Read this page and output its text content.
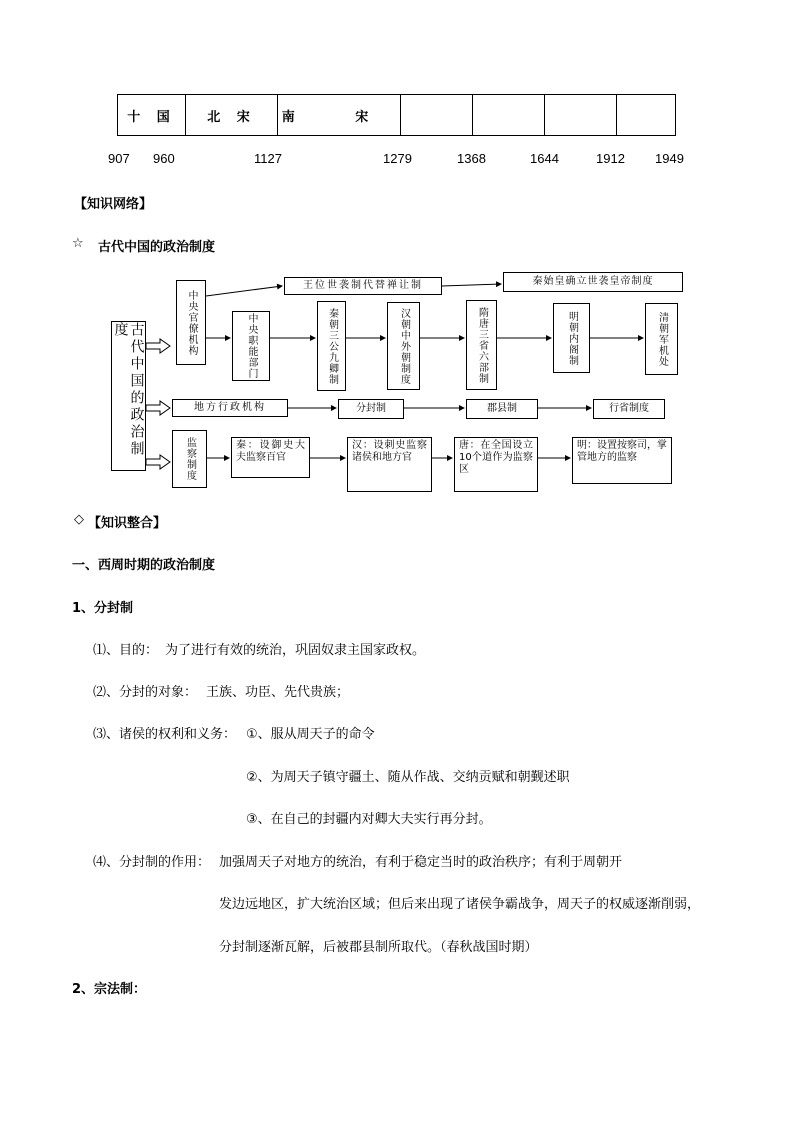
十 国	北 宋	南 宋
907 960	1127	1279	1368	1644	1912 1949
【知识网络】
☆ 古代中国的政治制度
古代中国的政治制度	中央官僚机构
王位世袭制代替禅让制	秦始皇确立世袭皇帝制度
中央职能部门	秦朝三公九卿制	汉朝中外朝制度	隋唐三省六部制	明朝内阁制	清朝军机处
地方行政机构	分封制	郡县制	行省制度
监察制度	秦：设御史大夫监察百官
汉：设刺史监察诸侯和地方官
唐：在全国设立10个道作为监察区
明：设置按察司，掌管地方的监察
◇ 【知识整合】
一、西周时期的政治制度
1、分封制
⑴、目的： 为了进行有效的统治，巩固奴隶主国家政权。
⑵、分封的对象： 王族、功臣、先代贵族；
⑶、诸侯的权利和义务： ①、服从周天子的命令
②、为周天子镇守疆土、随从作战、交纳贡赋和朝觐述职
③、在自己的封疆内对卿大夫实行再分封。
⑷、分封制的作用： 加强周天子对地方的统治，有利于稳定当时的政治秩序；有利于周朝开
发边远地区，扩大统治区域；但后来出现了诸侯争霸战争，周天子的权威逐渐削弱，
分封制逐渐瓦解，后被郡县制所取代。（春秋战国时期）
2、宗法制：
